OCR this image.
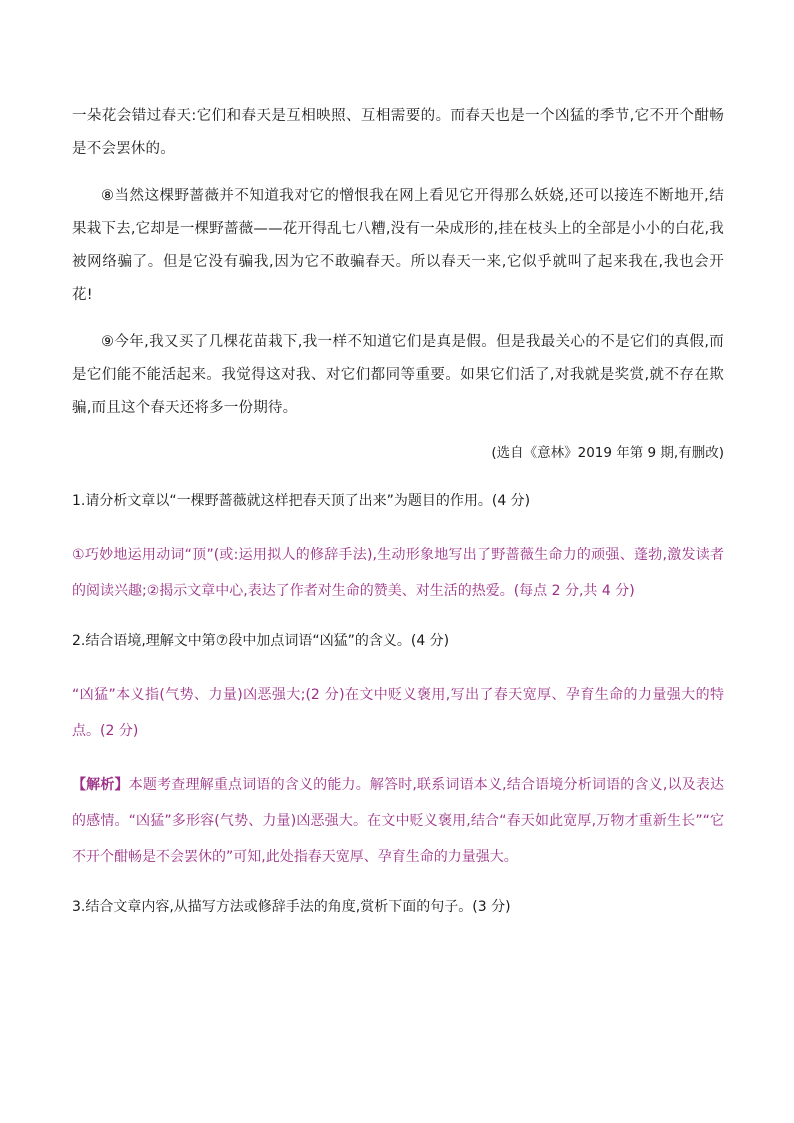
一朵花会错过春天:它们和春天是互相映照、互相需要的。而春天也是一个凶猛的季节,它不开个酣畅是不会罢休的。

⑧当然这棵野蔷薇并不知道我对它的憎恨我在网上看见它开得那么妖娆,还可以接连不断地开,结果栽下去,它却是一棵野蔷薇——花开得乱七八糟,没有一朵成形的,挂在枝头上的全部是小小的白花,我被网络骗了。但是它没有骗我,因为它不敢骗春天。所以春天一来,它似乎就叫了起来我在,我也会开花!

⑨今年,我又买了几棵花苗栽下,我一样不知道它们是真是假。但是我最关心的不是它们的真假,而是它们能不能活起来。我觉得这对我、对它们都同等重要。如果它们活了,对我就是奖赏,就不存在欺骗,而且这个春天还将多一份期待。

(选自《意林》2019 年第 9 期,有删改)

1.请分析文章以“一棵野蔷薇就这样把春天顶了出来”为题目的作用。(4 分)

①巧妙地运用动词“顶”(或:运用拟人的修辞手法),生动形象地写出了野蔷薇生命力的顽强、蓬勃,激发读者的阅读兴趣;②揭示文章中心,表达了作者对生命的赞美、对生活的热爱。(每点 2 分,共 4 分)

2.结合语境,理解文中第⑦段中加点词语“凶猛”的含义。(4 分)

“凶猛”本义指(气势、力量)凶恶强大;(2 分)在文中贬义褒用,写出了春天宽厚、孕育生命的力量强大的特点。(2 分)

【解析】本题考查理解重点词语的含义的能力。解答时,联系词语本义,结合语境分析词语的含义,以及表达的感情。“凶猛”多形容(气势、力量)凶恶强大。在文中贬义褒用,结合“春天如此宽厚,万物才重新生长”“它不开个酣畅是不会罢休的”可知,此处指春天宽厚、孕育生命的力量强大。

3.结合文章内容,从描写方法或修辞手法的角度,赏析下面的句子。(3 分)
